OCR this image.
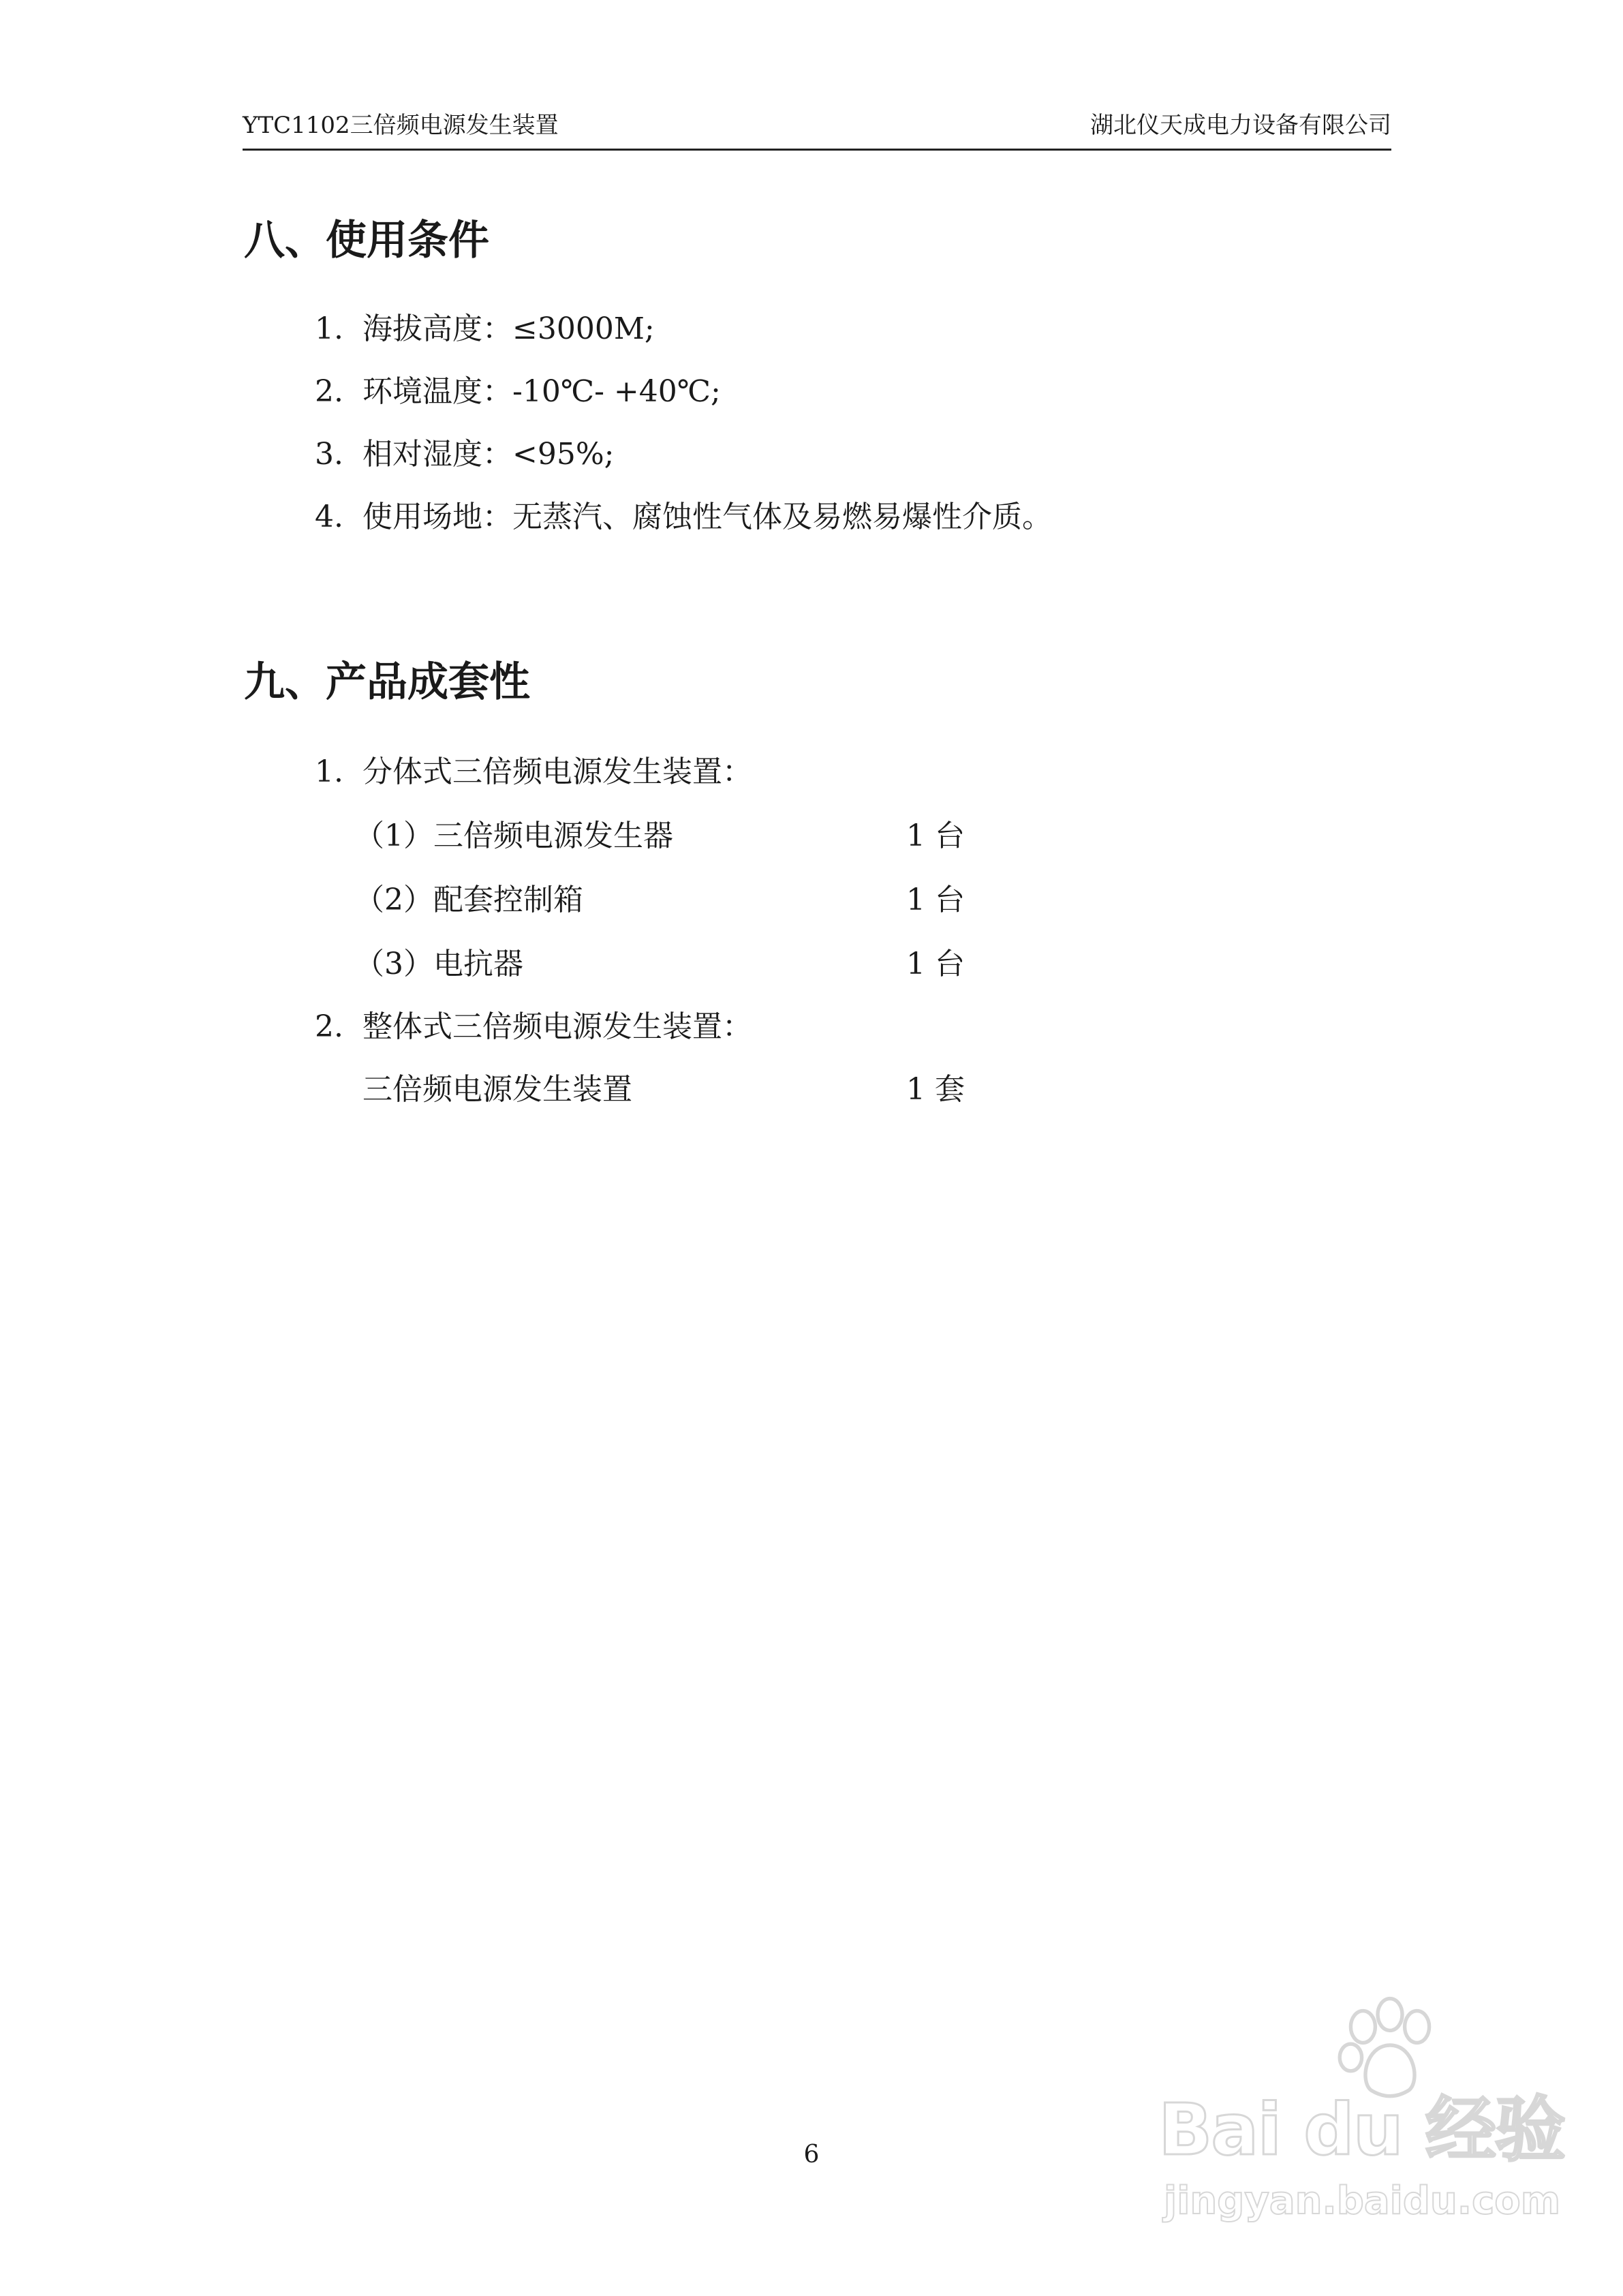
YTC1102三倍频电源发生装置	湖北仪天成电力设备有限公司
八、使用条件
1. 海拔高度：≤3000M;
2. 环境温度：-10℃- +40℃;
3. 相对湿度：<95%;
4. 使用场地：无蒸汽、腐蚀性气体及易燃易爆性介质。
九、产品成套性
1. 分体式三倍频电源发生装置：
（1）三倍频电源发生器	1 台
（2）配套控制箱	1 台
（3）电抗器	1 台
2. 整体式三倍频电源发生装置：
三倍频电源发生装置	1 套
6	Bai du 经验
jingyan.baidu.com
